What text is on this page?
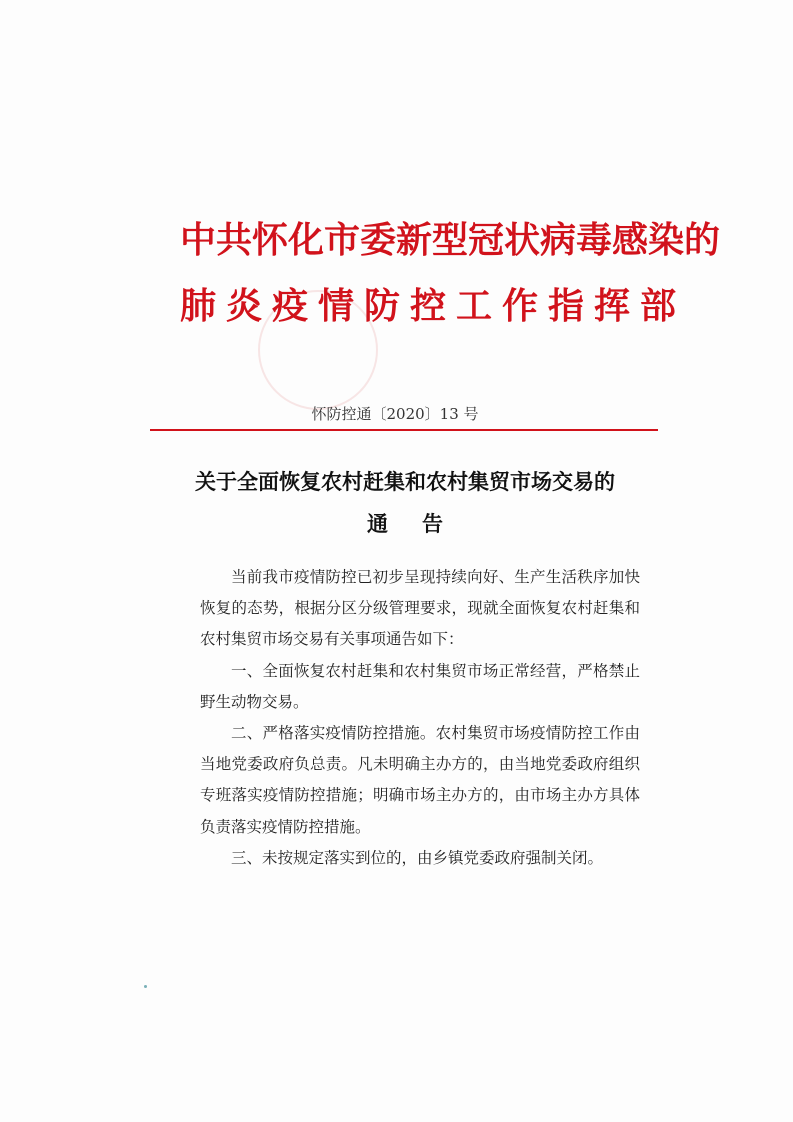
中共怀化市委新型冠状病毒感染的
肺炎疫情防控工作指挥部
怀防控通〔2020〕13 号
关于全面恢复农村赶集和农村集贸市场交易的
通告

当前我市疫情防控已初步呈现持续向好、生产生活秩序加快恢复的态势，根据分区分级管理要求，现就全面恢复农村赶集和农村集贸市场交易有关事项通告如下：

一、全面恢复农村赶集和农村集贸市场正常经营，严格禁止野生动物交易。

二、严格落实疫情防控措施。农村集贸市场疫情防控工作由当地党委政府负总责。凡未明确主办方的，由当地党委政府组织专班落实疫情防控措施；明确市场主办方的，由市场主办方具体负责落实疫情防控措施。

三、未按规定落实到位的，由乡镇党委政府强制关闭。
